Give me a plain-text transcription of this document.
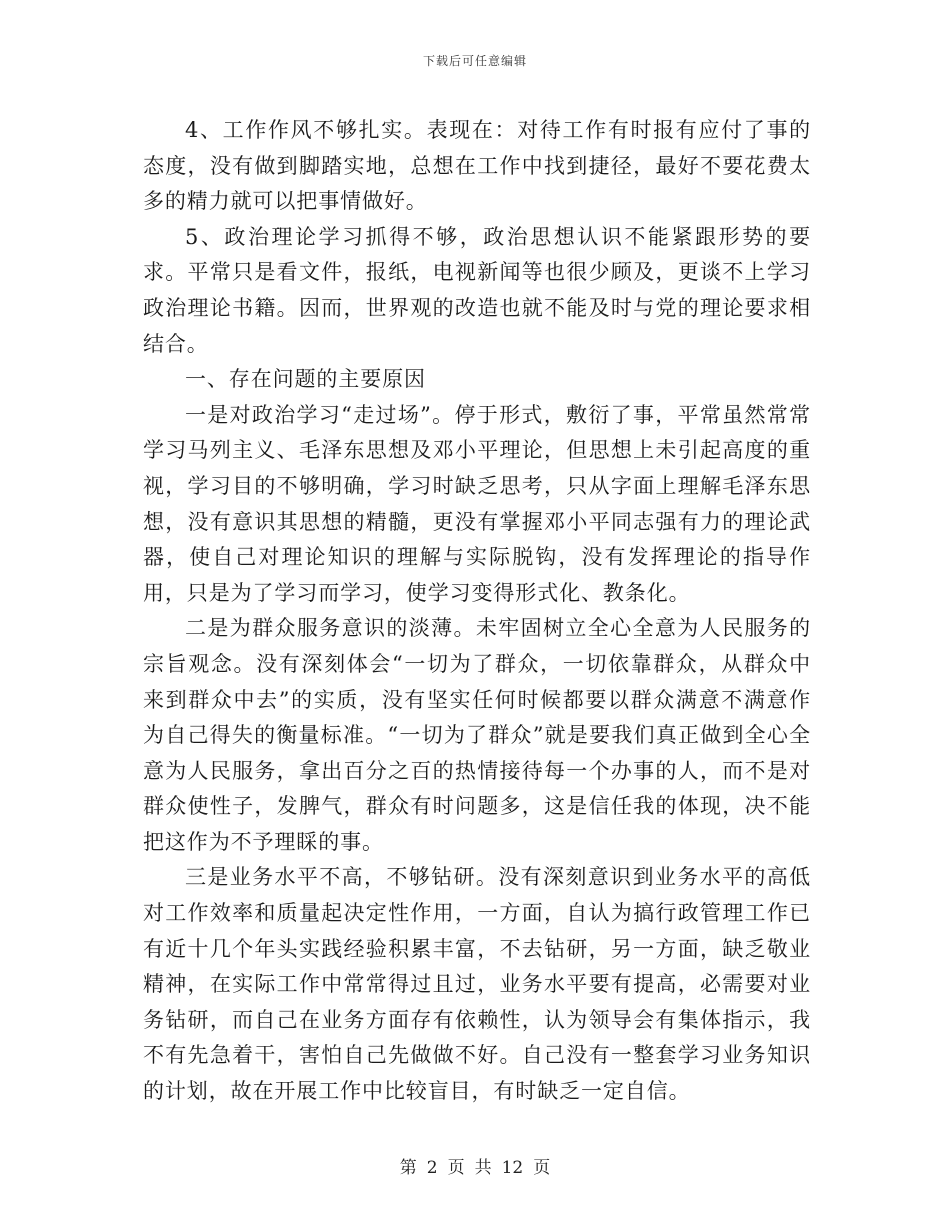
下载后可任意编辑

4、工作作风不够扎实。表现在：对待工作有时报有应付了事的态度，没有做到脚踏实地，总想在工作中找到捷径，最好不要花费太多的精力就可以把事情做好。

5、政治理论学习抓得不够，政治思想认识不能紧跟形势的要求。平常只是看文件，报纸，电视新闻等也很少顾及，更谈不上学习政治理论书籍。因而，世界观的改造也就不能及时与党的理论要求相结合。

一、存在问题的主要原因

一是对政治学习“走过场”。停于形式，敷衍了事，平常虽然常常学习马列主义、毛泽东思想及邓小平理论，但思想上未引起高度的重视，学习目的不够明确，学习时缺乏思考，只从字面上理解毛泽东思想，没有意识其思想的精髓，更没有掌握邓小平同志强有力的理论武器，使自己对理论知识的理解与实际脱钩，没有发挥理论的指导作用，只是为了学习而学习，使学习变得形式化、教条化。

二是为群众服务意识的淡薄。未牢固树立全心全意为人民服务的宗旨观念。没有深刻体会“一切为了群众，一切依靠群众，从群众中来到群众中去”的实质，没有坚实任何时候都要以群众满意不满意作为自己得失的衡量标准。“一切为了群众”就是要我们真正做到全心全意为人民服务，拿出百分之百的热情接待每一个办事的人，而不是对群众使性子，发脾气，群众有时问题多，这是信任我的体现，决不能把这作为不予理睬的事。

三是业务水平不高，不够钻研。没有深刻意识到业务水平的高低对工作效率和质量起决定性作用，一方面，自认为搞行政管理工作已有近十几个年头实践经验积累丰富，不去钻研，另一方面，缺乏敬业精神，在实际工作中常常得过且过，业务水平要有提高，必需要对业务钻研，而自己在业务方面存有依赖性，认为领导会有集体指示，我不有先急着干，害怕自己先做做不好。自己没有一整套学习业务知识的计划，故在开展工作中比较盲目，有时缺乏一定自信。

第 2 页 共 12 页
